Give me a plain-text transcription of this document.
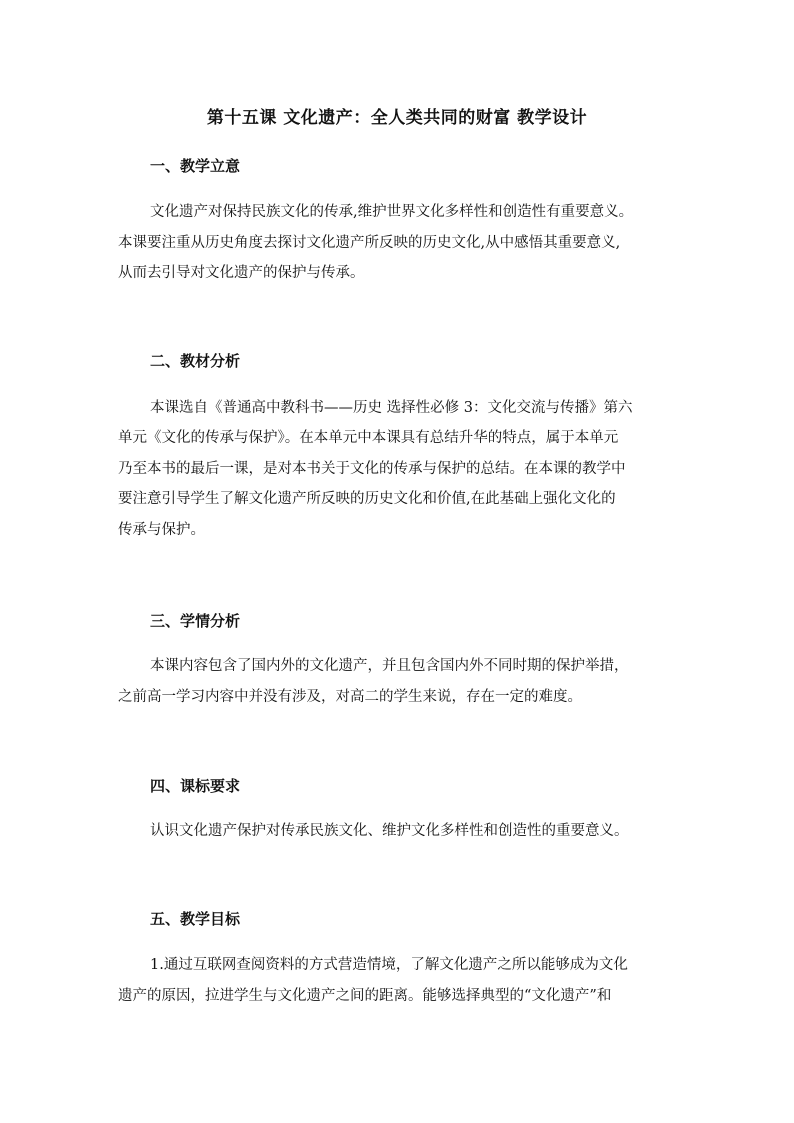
第十五课 文化遗产：全人类共同的财富 教学设计
一、教学立意
文化遗产对保持民族文化的传承,维护世界文化多样性和创造性有重要意义。
本课要注重从历史角度去探讨文化遗产所反映的历史文化,从中感悟其重要意义,
从而去引导对文化遗产的保护与传承。
二、教材分析
本课选自《普通高中教科书——历史 选择性必修 3：文化交流与传播》第六
单元《文化的传承与保护》。在本单元中本课具有总结升华的特点，属于本单元
乃至本书的最后一课，是对本书关于文化的传承与保护的总结。在本课的教学中
要注意引导学生了解文化遗产所反映的历史文化和价值,在此基础上强化文化的
传承与保护。
三、学情分析
本课内容包含了国内外的文化遗产，并且包含国内外不同时期的保护举措，
之前高一学习内容中并没有涉及，对高二的学生来说，存在一定的难度。
四、课标要求
认识文化遗产保护对传承民族文化、维护文化多样性和创造性的重要意义。
五、教学目标
1.通过互联网查阅资料的方式营造情境，了解文化遗产之所以能够成为文化
遗产的原因，拉进学生与文化遗产之间的距离。能够选择典型的“文化遗产”和
